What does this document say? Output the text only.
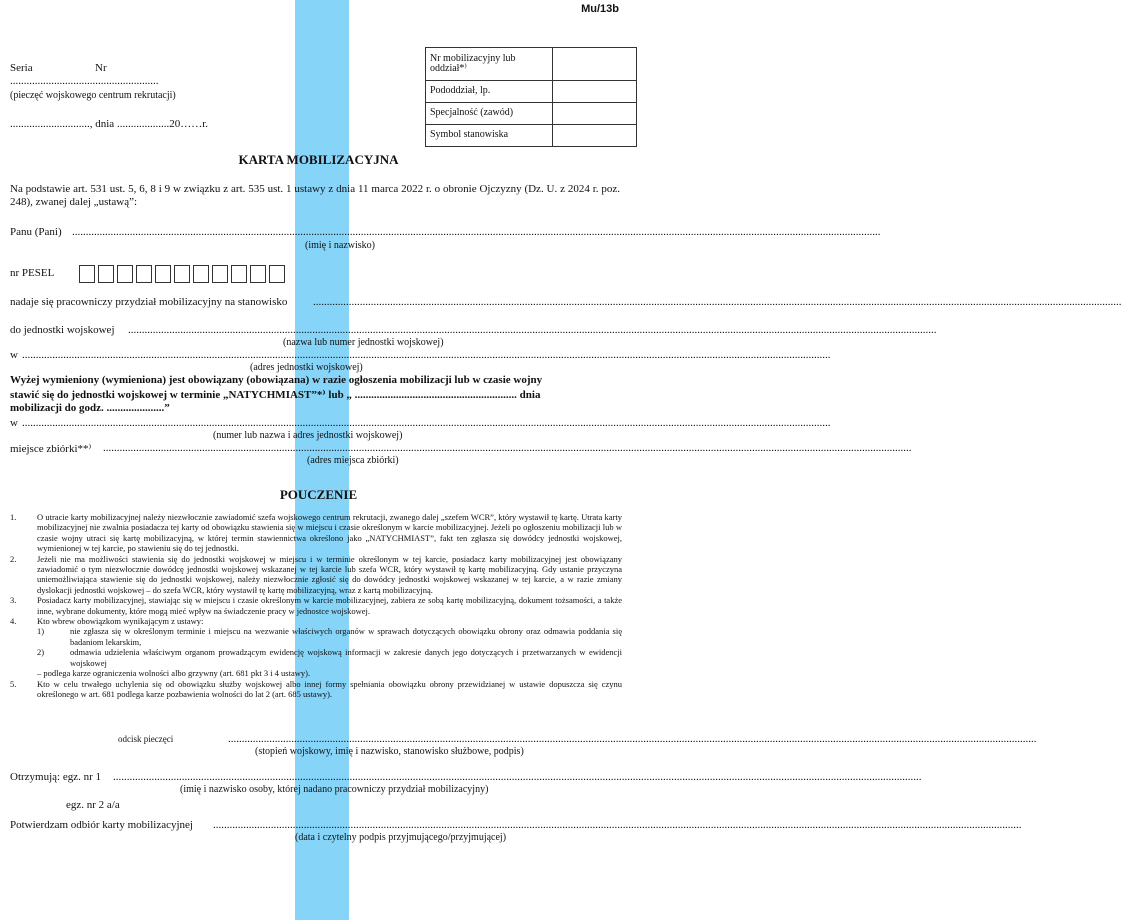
Mu/13b
Seria	Nr
......................................................
(pieczęć wojskowego centrum rekrutacji)
............................., dnia ...................20……r.
Nr mobilizacyjny lub oddział*⁾	
Pododdział, lp.	
Specjalność (zawód)	
Symbol stanowiska	
KARTA MOBILIZACYJNA
Na podstawie art. 531 ust. 5, 6, 8 i 9 w związku z art. 535 ust. 1 ustawy z dnia 11 marca 2022 r. o obronie Ojczyzny (Dz. U. z 2024 r. poz. 248), zwanej dalej „ustawą”:
Panu (Pani) ......................................................................................................................................................................................................................................................................................................
(imię i nazwisko)
nr PESEL
nadaje się pracowniczy przydział mobilizacyjny na stanowisko ......................................................................................................................................................................................................................................................................................................
do jednostki wojskowej ......................................................................................................................................................................................................................................................................................................
(nazwa lub numer jednostki wojskowej)
w ......................................................................................................................................................................................................................................................................................................
(adres jednostki wojskowej)
Wyżej wymieniony (wymieniona) jest obowiązany (obowiązana) w razie ogłoszenia mobilizacji lub w czasie wojny
stawić się do jednostki wojskowej w terminie „NATYCHMIAST”*⁾ lub „ ........................................................... dnia
mobilizacji do godz. .....................”
w ......................................................................................................................................................................................................................................................................................................
(numer lub nazwa i adres jednostki wojskowej)
miejsce zbiórki**⁾ ......................................................................................................................................................................................................................................................................................................
(adres miejsca zbiórki)
POUCZENIE
1.	O utracie karty mobilizacyjnej należy niezwłocznie zawiadomić szefa wojskowego centrum rekrutacji, zwanego dalej „szefem WCR”, który wystawił tę kartę. Utrata karty mobilizacyjnej nie zwalnia posiadacza tej karty od obowiązku stawienia się w miejscu i czasie określonym w karcie mobilizacyjnej. Jeżeli po ogłoszeniu mobilizacji lub w czasie wojny utraci się kartę mobilizacyjną, w której termin stawiennictwa określono jako „NATYCHMIAST”, fakt ten zgłasza się dowódcy jednostki wojskowej, wymienionej w tej karcie, po stawieniu się do tej jednostki.
2.	Jeżeli nie ma możliwości stawienia się do jednostki wojskowej w miejscu i w terminie określonym w tej karcie, posiadacz karty mobilizacyjnej jest obowiązany zawiadomić o tym niezwłocznie dowódcę jednostki wojskowej wskazanej w tej karcie lub szefa WCR, który wystawił tę kartę mobilizacyjną. Gdy ustanie przyczyna uniemożliwiająca stawienie się do jednostki wojskowej, należy niezwłocznie zgłosić się do dowódcy jednostki wojskowej wskazanej w tej karcie, a w razie zmiany dyslokacji jednostki wojskowej – do szefa WCR, który wystawił tę kartę mobilizacyjną, wraz z kartą mobilizacyjną.
3.	Posiadacz karty mobilizacyjnej, stawiając się w miejscu i czasie określonym w karcie mobilizacyjnej, zabiera ze sobą kartę mobilizacyjną, dokument tożsamości, a także inne, wybrane dokumenty, które mogą mieć wpływ na świadczenie pracy w jednostce wojskowej.
4.	Kto wbrew obowiązkom wynikającym z ustawy:
1)	nie zgłasza się w określonym terminie i miejscu na wezwanie właściwych organów w sprawach dotyczących obowiązku obrony oraz odmawia poddania się badaniom lekarskim,
2)	odmawia udzielenia właściwym organom prowadzącym ewidencję wojskową informacji w zakresie danych jego dotyczących i przetwarzanych w ewidencji wojskowej
– podlega karze ograniczenia wolności albo grzywny (art. 681 pkt 3 i 4 ustawy).
5.	Kto w celu trwałego uchylenia się od obowiązku służby wojskowej albo innej formy spełniania obowiązku obrony przewidzianej w ustawie dopuszcza się czynu określonego w art. 681 podlega karze pozbawienia wolności do lat 2 (art. 685 ustawy).
odcisk pieczęci	......................................................................................................................................................................................................................................................................................................
(stopień wojskowy, imię i nazwisko, stanowisko służbowe, podpis)
Otrzymują: egz. nr 1 ......................................................................................................................................................................................................................................................................................................
(imię i nazwisko osoby, której nadano pracowniczy przydział mobilizacyjny)
egz. nr 2 a/a
Potwierdzam odbiór karty mobilizacyjnej ......................................................................................................................................................................................................................................................................................................
(data i czytelny podpis przyjmującego/przyjmującej)
